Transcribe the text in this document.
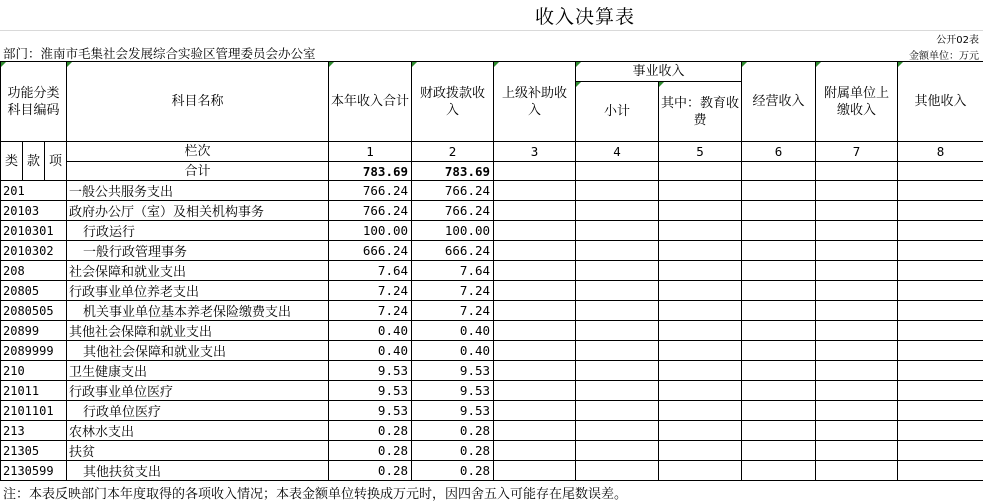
收入决算表
公开02表
部门：淮南市毛集社会发展综合实验区管理委员会办公室	金额单位：万元
功能分类科目编码			科目名称	本年收入合计	财政拨款收入	上级补助收入	事业收入		经营收入	附属单位上缴收入	其他收入
							小计	其中：教育收费			
类	款	项	栏次	1	2	3	4	5	6	7	8
			合计	783.69	783.69						
201			一般公共服务支出	766.24	766.24						
20103			政府办公厅（室）及相关机构事务	766.24	766.24						
2010301			行政运行	100.00	100.00						
2010302			一般行政管理事务	666.24	666.24						
208			社会保障和就业支出	7.64	7.64						
20805			行政事业单位养老支出	7.24	7.24						
2080505			机关事业单位基本养老保险缴费支出	7.24	7.24						
20899			其他社会保障和就业支出	0.40	0.40						
2089999			其他社会保障和就业支出	0.40	0.40						
210			卫生健康支出	9.53	9.53						
21011			行政事业单位医疗	9.53	9.53						
2101101			行政单位医疗	9.53	9.53						
213			农林水支出	0.28	0.28						
21305			扶贫	0.28	0.28						
2130599			其他扶贫支出	0.28	0.28						
注：本表反映部门本年度取得的各项收入情况；本表金额单位转换成万元时，因四舍五入可能存在尾数误差。
